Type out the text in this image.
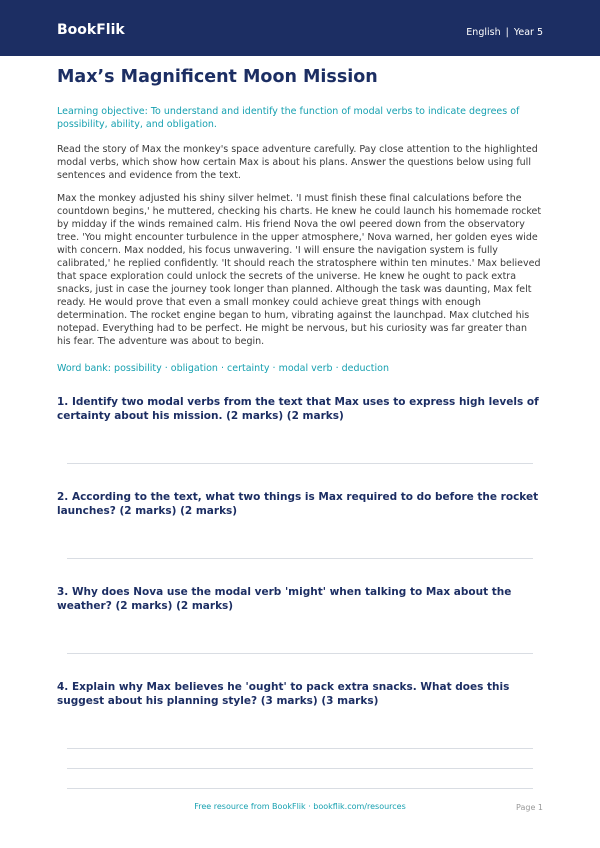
BookFlik	English | Year 5
Max’s Magnificent Moon Mission

Learning objective: To understand and identify the function of modal verbs to indicate degrees of possibility, ability, and obligation.

Read the story of Max the monkey's space adventure carefully. Pay close attention to the highlighted modal verbs, which show how certain Max is about his plans. Answer the questions below using full sentences and evidence from the text.

Max the monkey adjusted his shiny silver helmet. 'I must finish these final calculations before the countdown begins,' he muttered, checking his charts. He knew he could launch his homemade rocket by midday if the winds remained calm. His friend Nova the owl peered down from the observatory tree. 'You might encounter turbulence in the upper atmosphere,' Nova warned, her golden eyes wide with concern. Max nodded, his focus unwavering. 'I will ensure the navigation system is fully calibrated,' he replied confidently. 'It should reach the stratosphere within ten minutes.' Max believed that space exploration could unlock the secrets of the universe. He knew he ought to pack extra snacks, just in case the journey took longer than planned. Although the task was daunting, Max felt ready. He would prove that even a small monkey could achieve great things with enough determination. The rocket engine began to hum, vibrating against the launchpad. Max clutched his notepad. Everything had to be perfect. He might be nervous, but his curiosity was far greater than his fear. The adventure was about to begin.

Word bank: possibility · obligation · certainty · modal verb · deduction

1. Identify two modal verbs from the text that Max uses to express high levels of certainty about his mission. (2 marks) (2 marks)

2. According to the text, what two things is Max required to do before the rocket launches? (2 marks) (2 marks)

3. Why does Nova use the modal verb 'might' when talking to Max about the weather? (2 marks) (2 marks)

4. Explain why Max believes he 'ought' to pack extra snacks. What does this suggest about his planning style? (3 marks) (3 marks)

Free resource from BookFlik · bookflik.com/resources	Page 1
